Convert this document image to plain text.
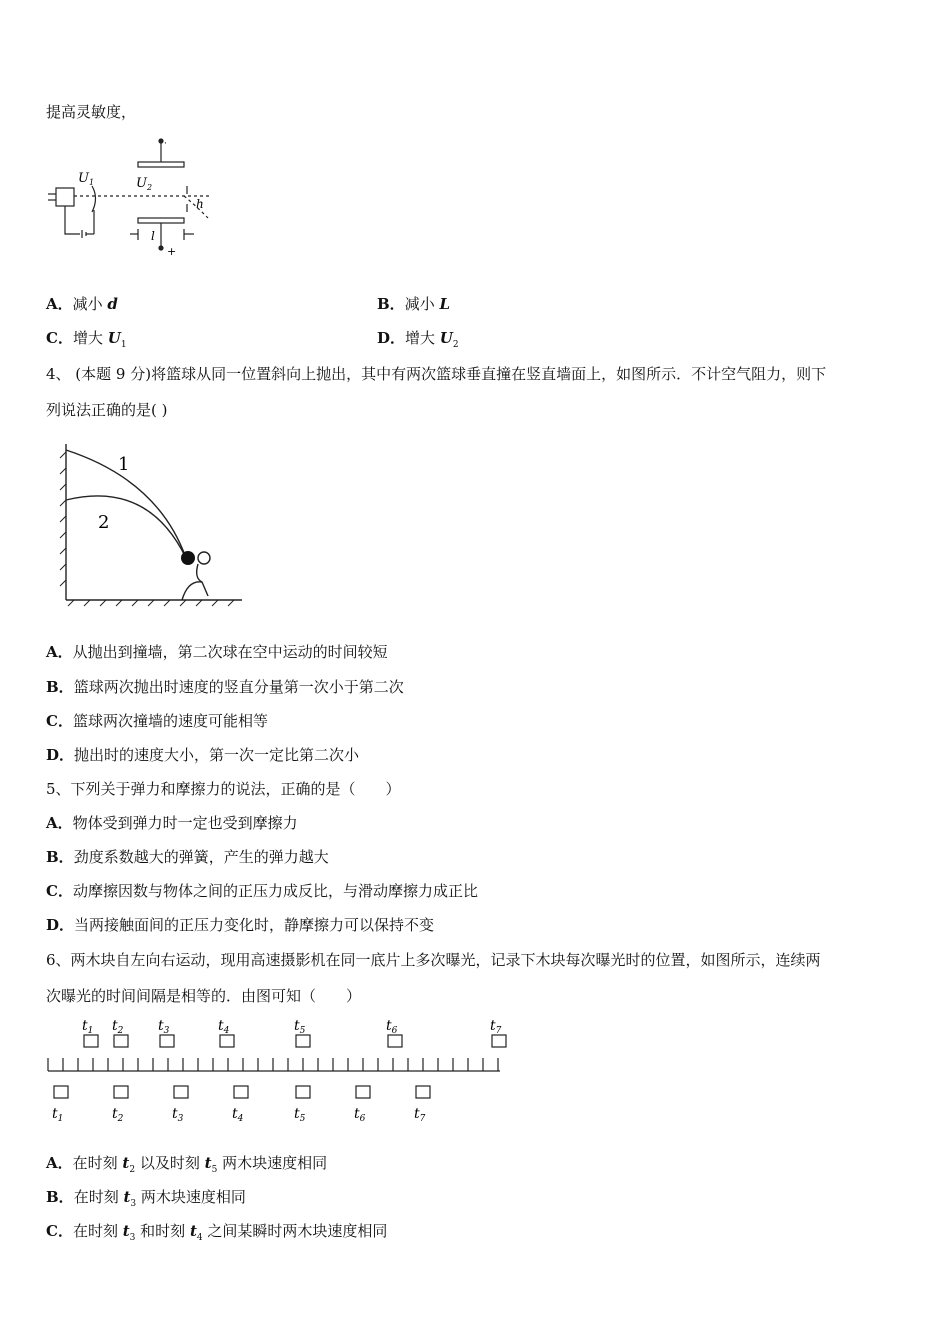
提高灵敏度，
·
$U_1$	$U_2$
h
l
+
A．减小 d	B．减小 L
C．增大 $U_1$	D．增大 $U_2$
4、 (本题 9 分)将篮球从同一位置斜向上抛出，其中有两次篮球垂直撞在竖直墙面上，如图所示．不计空气阻力，则下
列说法正确的是( )
1
2
A．从抛出到撞墙，第二次球在空中运动的时间较短
B．篮球两次抛出时速度的竖直分量第一次小于第二次
C．篮球两次撞墙的速度可能相等
D．抛出时的速度大小，第一次一定比第二次小
5、下列关于弹力和摩擦力的说法，正确的是（　　）
A．物体受到弹力时一定也受到摩擦力
B．劲度系数越大的弹簧，产生的弹力越大
C．动摩擦因数与物体之间的正压力成反比，与滑动摩擦力成正比
D．当两接触面间的正压力变化时，静摩擦力可以保持不变
6、两木块自左向右运动，现用高速摄影机在同一底片上多次曝光，记录下木块每次曝光时的位置，如图所示，连续两
次曝光的时间间隔是相等的．由图可知（　　）
$t_1$ $t_2$ $t_3$	$t_4$	$t_5$	$t_6$	$t_7$
$t_1$	$t_2$	$t_3$	$t_4$	$t_5$	$t_6$	$t_7$
A．在时刻 $t_2$ 以及时刻 $t_5$ 两木块速度相同
B．在时刻 $t_3$ 两木块速度相同
C．在时刻 $t_3$ 和时刻 $t_4$ 之间某瞬时两木块速度相同
